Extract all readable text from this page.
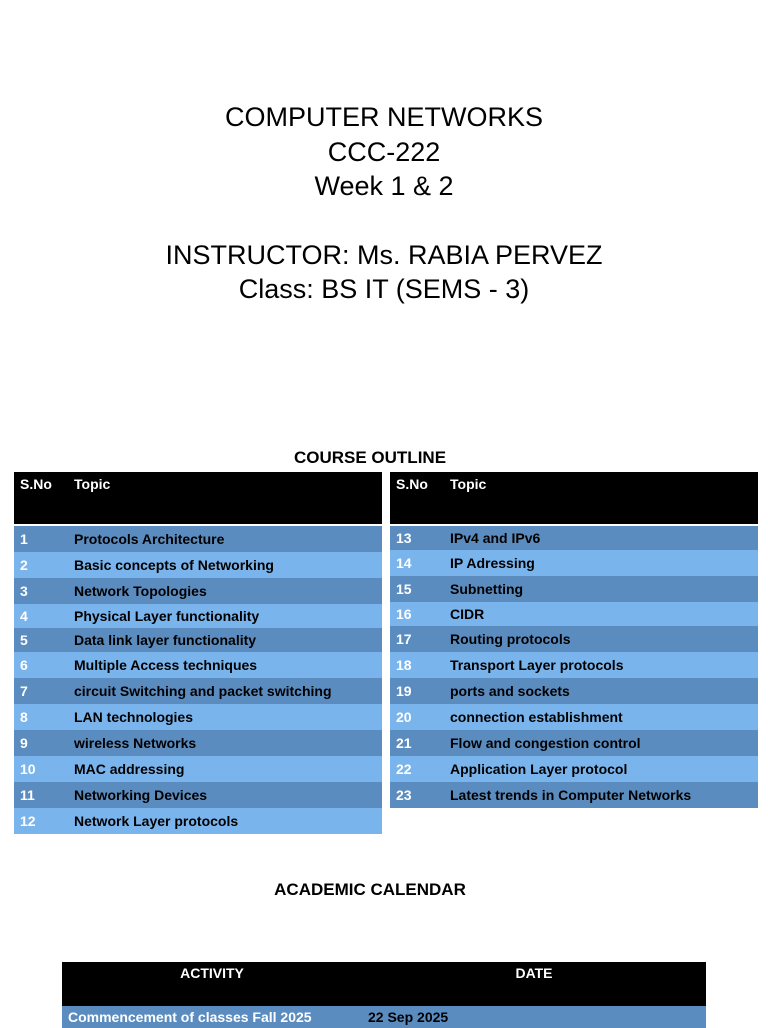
COMPUTER NETWORKS
CCC-222
Week 1 & 2
INSTRUCTOR: Ms. RABIA PERVEZ
Class: BS IT (SEMS - 3)
COURSE OUTLINE
S.No	Topic

1	Protocols Architecture
2	Basic concepts of Networking
3	Network Topologies
4	Physical Layer functionality
5	Data link layer functionality
6	Multiple Access techniques
7	circuit Switching and packet switching
8	LAN technologies
9	wireless Networks
10	MAC addressing
11	Networking Devices
12	Network Layer protocols
S.No	Topic

13	IPv4 and IPv6
14	IP Adressing
15	Subnetting
16	CIDR
17	Routing protocols
18	Transport Layer protocols
19	ports and sockets
20	connection establishment
21	Flow and congestion control
22	Application Layer protocol
23	Latest trends in Computer Networks
ACADEMIC CALENDAR
ACTIVITY	DATE
Commencement of classes Fall 2025	22 Sep 2025
